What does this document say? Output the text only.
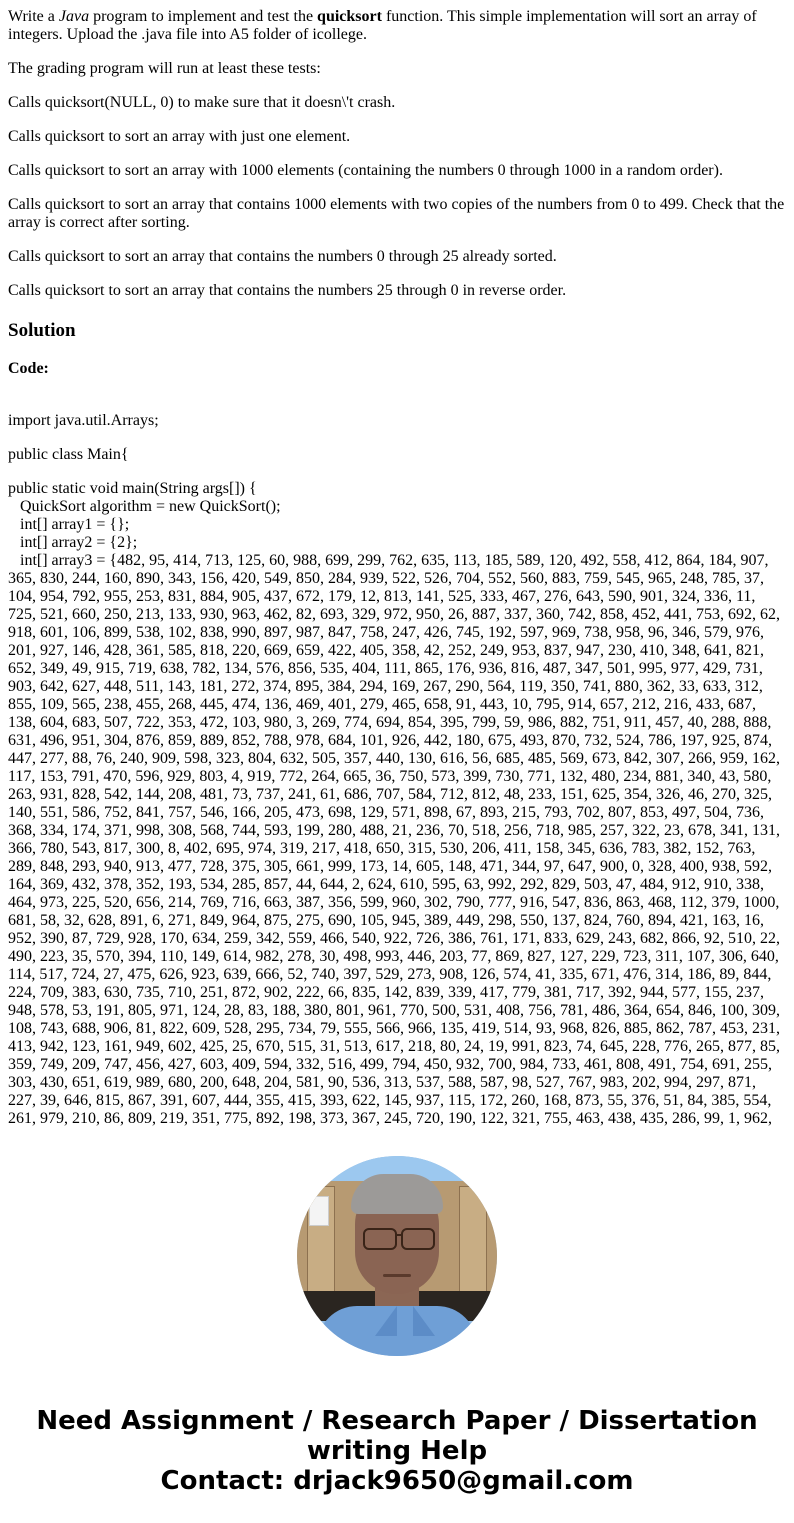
Write a Java program to implement and test the quicksort function. This simple implementation will sort an array of integers. Upload the .java file into A5 folder of icollege.

The grading program will run at least these tests:

Calls quicksort(NULL, 0) to make sure that it doesn\'t crash.

Calls quicksort to sort an array with just one element.

Calls quicksort to sort an array with 1000 elements (containing the numbers 0 through 1000 in a random order).

Calls quicksort to sort an array that contains 1000 elements with two copies of the numbers from 0 to 499. Check that the array is correct after sorting.

Calls quicksort to sort an array that contains the numbers 0 through 25 already sorted.

Calls quicksort to sort an array that contains the numbers 25 through 0 in reverse order.

Solution
Code:
import java.util.Arrays;
public class Main{
public static void main(String args[]) {
QuickSort algorithm = new QuickSort();
int[] array1 = {};
int[] array2 = {2};
int[] array3 = {482, 95, 414, 713, 125, 60, 988, 699, 299, 762, 635, 113, 185, 589, 120, 492, 558, 412, 864, 184, 907, 365, 830, 244, 160, 890, 343, 156, 420, 549, 850, 284, 939, 522, 526, 704, 552, 560, 883, 759, 545, 965, 248, 785, 37, 104, 954, 792, 955, 253, 831, 884, 905, 437, 672, 179, 12, 813, 141, 525, 333, 467, 276, 643, 590, 901, 324, 336, 11, 725, 521, 660, 250, 213, 133, 930, 963, 462, 82, 693, 329, 972, 950, 26, 887, 337, 360, 742, 858, 452, 441, 753, 692, 62, 918, 601, 106, 899, 538, 102, 838, 990, 897, 987, 847, 758, 247, 426, 745, 192, 597, 969, 738, 958, 96, 346, 579, 976, 201, 927, 146, 428, 361, 585, 818, 220, 669, 659, 422, 405, 358, 42, 252, 249, 953, 837, 947, 230, 410, 348, 641, 821, 652, 349, 49, 915, 719, 638, 782, 134, 576, 856, 535, 404, 111, 865, 176, 936, 816, 487, 347, 501, 995, 977, 429, 731, 903, 642, 627, 448, 511, 143, 181, 272, 374, 895, 384, 294, 169, 267, 290, 564, 119, 350, 741, 880, 362, 33, 633, 312, 855, 109, 565, 238, 455, 268, 445, 474, 136, 469, 401, 279, 465, 658, 91, 443, 10, 795, 914, 657, 212, 216, 433, 687, 138, 604, 683, 507, 722, 353, 472, 103, 980, 3, 269, 774, 694, 854, 395, 799, 59, 986, 882, 751, 911, 457, 40, 288, 888, 631, 496, 951, 304, 876, 859, 889, 852, 788, 978, 684, 101, 926, 442, 180, 675, 493, 870, 732, 524, 786, 197, 925, 874, 447, 277, 88, 76, 240, 909, 598, 323, 804, 632, 505, 357, 440, 130, 616, 56, 685, 485, 569, 673, 842, 307, 266, 959, 162, 117, 153, 791, 470, 596, 929, 803, 4, 919, 772, 264, 665, 36, 750, 573, 399, 730, 771, 132, 480, 234, 881, 340, 43, 580, 263, 931, 828, 542, 144, 208, 481, 73, 737, 241, 61, 686, 707, 584, 712, 812, 48, 233, 151, 625, 354, 326, 46, 270, 325, 140, 551, 586, 752, 841, 757, 546, 166, 205, 473, 698, 129, 571, 898, 67, 893, 215, 793, 702, 807, 853, 497, 504, 736, 368, 334, 174, 371, 998, 308, 568, 744, 593, 199, 280, 488, 21, 236, 70, 518, 256, 718, 985, 257, 322, 23, 678, 341, 131, 366, 780, 543, 817, 300, 8, 402, 695, 974, 319, 217, 418, 650, 315, 530, 206, 411, 158, 345, 636, 783, 382, 152, 763, 289, 848, 293, 940, 913, 477, 728, 375, 305, 661, 999, 173, 14, 605, 148, 471, 344, 97, 647, 900, 0, 328, 400, 938, 592, 164, 369, 432, 378, 352, 193, 534, 285, 857, 44, 644, 2, 624, 610, 595, 63, 992, 292, 829, 503, 47, 484, 912, 910, 338, 464, 973, 225, 520, 656, 214, 769, 716, 663, 387, 356, 599, 960, 302, 790, 777, 916, 547, 836, 863, 468, 112, 379, 1000, 681, 58, 32, 628, 891, 6, 271, 849, 964, 875, 275, 690, 105, 945, 389, 449, 298, 550, 137, 824, 760, 894, 421, 163, 16, 952, 390, 87, 729, 928, 170, 634, 259, 342, 559, 466, 540, 922, 726, 386, 761, 171, 833, 629, 243, 682, 866, 92, 510, 22, 490, 223, 35, 570, 394, 110, 149, 614, 982, 278, 30, 498, 993, 446, 203, 77, 869, 827, 127, 229, 723, 311, 107, 306, 640, 114, 517, 724, 27, 475, 626, 923, 639, 666, 52, 740, 397, 529, 273, 908, 126, 574, 41, 335, 671, 476, 314, 186, 89, 844, 224, 709, 383, 630, 735, 710, 251, 872, 902, 222, 66, 835, 142, 839, 339, 417, 779, 381, 717, 392, 944, 577, 155, 237, 948, 578, 53, 191, 805, 971, 124, 28, 83, 188, 380, 801, 961, 770, 500, 531, 408, 756, 781, 486, 364, 654, 846, 100, 309, 108, 743, 688, 906, 81, 822, 609, 528, 295, 734, 79, 555, 566, 966, 135, 419, 514, 93, 968, 826, 885, 862, 787, 453, 231, 413, 942, 123, 161, 949, 602, 425, 25, 670, 515, 31, 513, 617, 218, 80, 24, 19, 991, 823, 74, 645, 228, 776, 265, 877, 85, 359, 749, 209, 747, 456, 427, 603, 409, 594, 332, 516, 499, 794, 450, 932, 700, 984, 733, 461, 808, 491, 754, 691, 255, 303, 430, 651, 619, 989, 680, 200, 648, 204, 581, 90, 536, 313, 537, 588, 587, 98, 527, 767, 983, 202, 994, 297, 871, 227, 39, 646, 815, 867, 391, 607, 444, 355, 415, 393, 622, 145, 937, 115, 172, 260, 168, 873, 55, 376, 51, 84, 385, 554, 261, 979, 210, 86, 809, 219, 351, 775, 892, 198, 373, 367, 245, 720, 190, 122, 321, 755, 463, 438, 435, 286, 99, 1, 962,
Need Assignment / Research Paper / Dissertation writing Help
Contact: drjack9650@gmail.com
